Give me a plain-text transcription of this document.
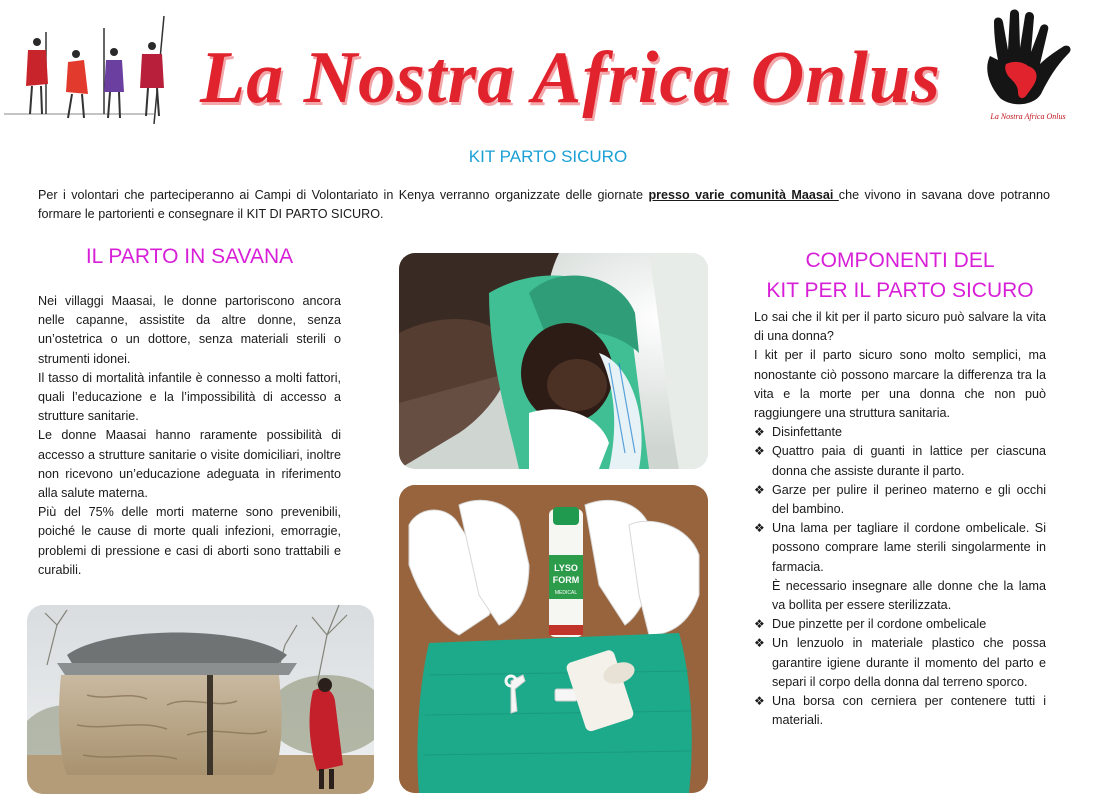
La Nostra Africa Onlus	La Nostra Africa Onlus
KIT PARTO SICURO
Per i volontari che parteciperanno ai Campi di Volontariato in Kenya verranno organizzate delle giornate presso varie comunità Maasai che vivono in savana dove potranno formare le partorienti e consegnare il KIT DI PARTO SICURO.
IL PARTO IN SAVANA

Nei villaggi Maasai, le donne partoriscono ancora nelle capanne, assistite da altre donne, senza un’ostetrica o un dottore, senza materiali sterili o strumenti idonei.

Il tasso di mortalità infantile è connesso a molti fattori, quali l’educazione e la l’impossibilità di accesso a strutture sanitarie.

Le donne Maasai hanno raramente possibilità di accesso a strutture sanitarie o visite domiciliari, inoltre non ricevono un’educazione adeguata in riferimento alla salute materna.

Più del 75% delle morti materne sono prevenibili, poiché le cause di morte quali infezioni, emorragie, problemi di pressione e casi di aborti sono trattabili e curabili.	LYSO
FORM
MEDICAL
COMPONENTI DEL
KIT PER IL PARTO SICURO

Lo sai che il kit per il parto sicuro può salvare la vita di una donna?

I kit per il parto sicuro sono molto semplici, ma nonostante ciò possono marcare la differenza tra la vita e la morte per una donna che non può raggiungere una struttura sanitaria.

❖ Disinfettante
❖ Quattro paia di guanti in lattice per ciascuna donna che assiste durante il parto.
❖ Garze per pulire il perineo materno e gli occhi del bambino.
❖ Una lama per tagliare il cordone ombelicale. Si possono comprare lame sterili singolarmente in farmacia.
È necessario insegnare alle donne che la lama va bollita per essere sterilizzata.
❖ Due pinzette per il cordone ombelicale
❖ Un lenzuolo in materiale plastico che possa garantire igiene durante il momento del parto e separi il corpo della donna dal terreno sporco.
❖ Una borsa con cerniera per contenere tutti i materiali.
